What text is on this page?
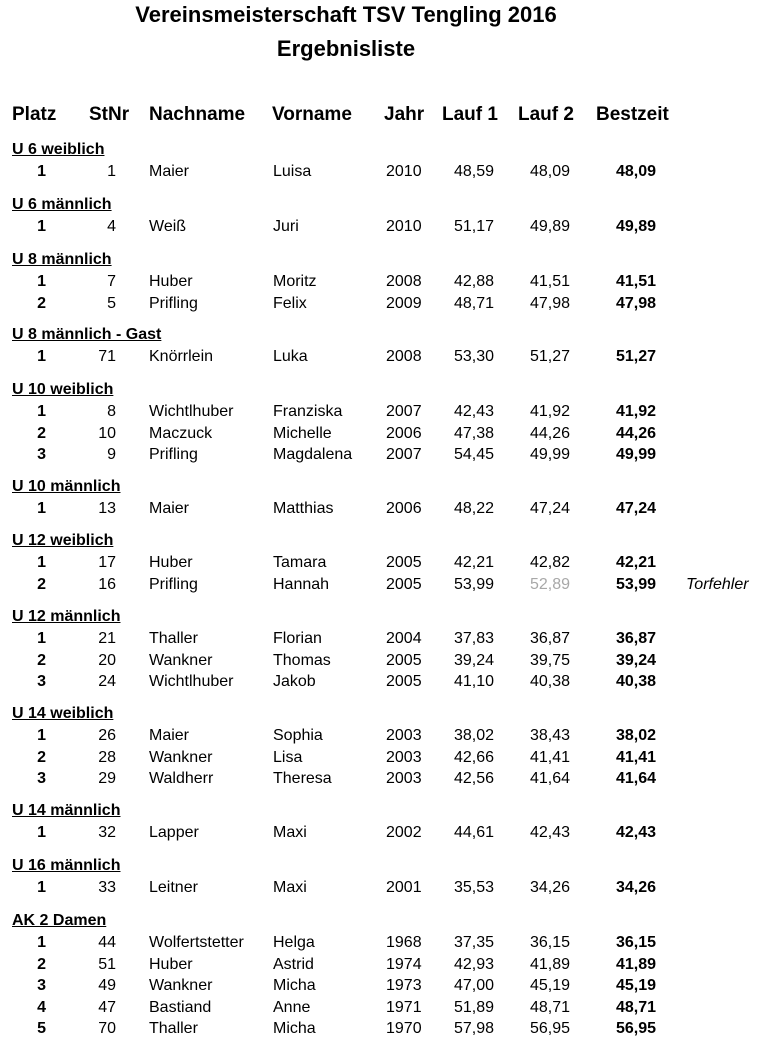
Vereinsmeisterschaft TSV Tengling 2016
Ergebnisliste
Platz StNr Nachname Vorname Jahr Lauf 1 Lauf 2 Bestzeit
U 6 weiblich
1	1 Maier	Luisa	2010	48,59	48,09	48,09
U 6 männlich
1	4 Weiß	Juri	2010	51,17	49,89	49,89
U 8 männlich
1	7 Huber	Moritz	2008	42,88	41,51	41,51
2	5 Prifling	Felix	2009	48,71	47,98	47,98
U 8 männlich - Gast
1	71 Knörrlein	Luka	2008	53,30	51,27	51,27
U 10 weiblich
1	8 Wichtlhuber Franziska	2007	42,43	41,92	41,92
2	10 Maczuck	Michelle	2006	47,38	44,26	44,26
3	9 Prifling	Magdalena 2007	54,45	49,99	49,99
U 10 männlich
1	13 Maier	Matthias	2006	48,22	47,24	47,24
U 12 weiblich
1	17 Huber	Tamara	2005	42,21	42,82	42,21
2	16 Prifling	Hannah	2005	53,99	52,89	53,99 Torfehler
U 12 männlich
1	21 Thaller	Florian	2004	37,83	36,87	36,87
2	20 Wankner	Thomas	2005	39,24	39,75	39,24
3	24 Wichtlhuber Jakob	2005	41,10	40,38	40,38
U 14 weiblich
1	26 Maier	Sophia	2003	38,02	38,43	38,02
2	28 Wankner	Lisa	2003	42,66	41,41	41,41
3	29 Waldherr	Theresa	2003	42,56	41,64	41,64
U 14 männlich
1	32 Lapper	Maxi	2002	44,61	42,43	42,43
U 16 männlich
1	33 Leitner	Maxi	2001	35,53	34,26	34,26
AK 2 Damen
1	44 Wolfertstetter Helga	1968	37,35	36,15	36,15
2	51 Huber	Astrid	1974	42,93	41,89	41,89
3	49 Wankner	Micha	1973	47,00	45,19	45,19
4	47 Bastiand	Anne	1971	51,89	48,71	48,71
5	70 Thaller	Micha	1970	57,98	56,95	56,95
